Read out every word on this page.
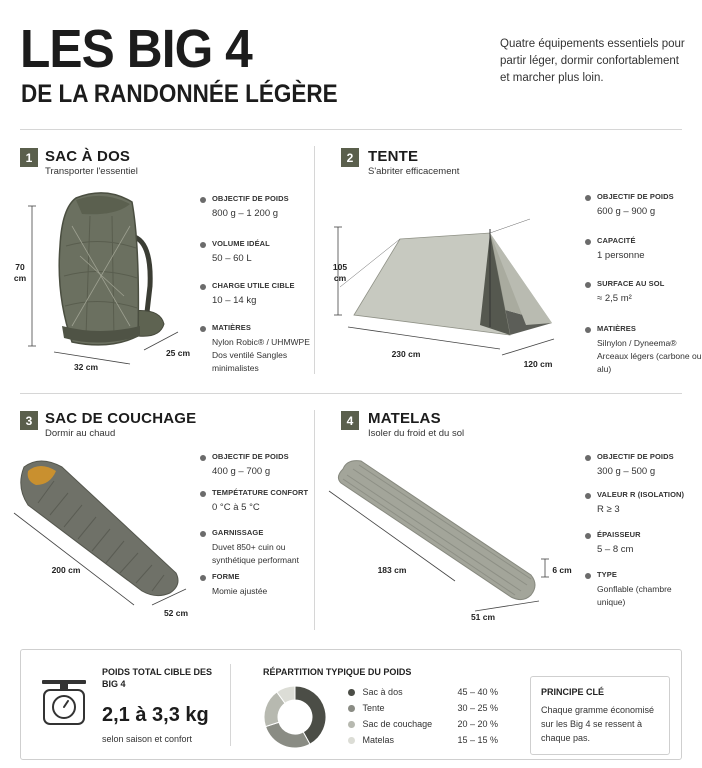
LES BIG 4
DE LA RANDONNÉE LÉGÈRE
Quatre équipements essentiels pour partir léger, dormir confortablement et marcher plus loin.
1 SAC À DOS
Transporter l'essentiel
70 cm
32 cm
25 cm
OBJECTIF DE POIDS
800 g – 1 200 g
VOLUME IDÉAL
50 – 60 L
CHARGE UTILE CIBLE
10 – 14 kg
MATIÈRES
Nylon Robic® / UHMWPE Dos ventilé Sangles minimalistes
2 TENTE
S'abriter efficacement
105 cm
230 cm
120 cm
OBJECTIF DE POIDS
600 g – 900 g
CAPACITÉ
1 personne
SURFACE AU SOL
≈ 2,5 m²
MATIÈRES
Silnylon / Dyneema® Arceaux légers (carbone ou alu)
3 SAC DE COUCHAGE
Dormir au chaud
200 cm
52 cm
OBJECTIF DE POIDS
400 g – 700 g
TEMPÉTATURE CONFORT
0 °C à 5 °C
GARNISSAGE
Duvet 850+ cuin ou synthétique performant
FORME
Momie ajustée
4 MATELAS
Isoler du froid et du sol
183 cm
51 cm
6 cm
OBJECTIF DE POIDS
300 g – 500 g
VALEUR R (ISOLATION)
R ≥ 3
ÉPAISSEUR
5 – 8 cm
TYPE
Gonflable (chambre unique)
POIDS TOTAL CIBLE DES BIG 4
2,1 à 3,3 kg
selon saison et confort
RÉPARTITION TYPIQUE DU POIDS
Sac à dos	45 – 40 %
Tente	30 – 25 %
Sac de couchage	20 – 20 %
Matelas	15 – 15 %
PRINCIPE CLÉ
Chaque gramme économisé sur les Big 4 se ressent à chaque pas.
